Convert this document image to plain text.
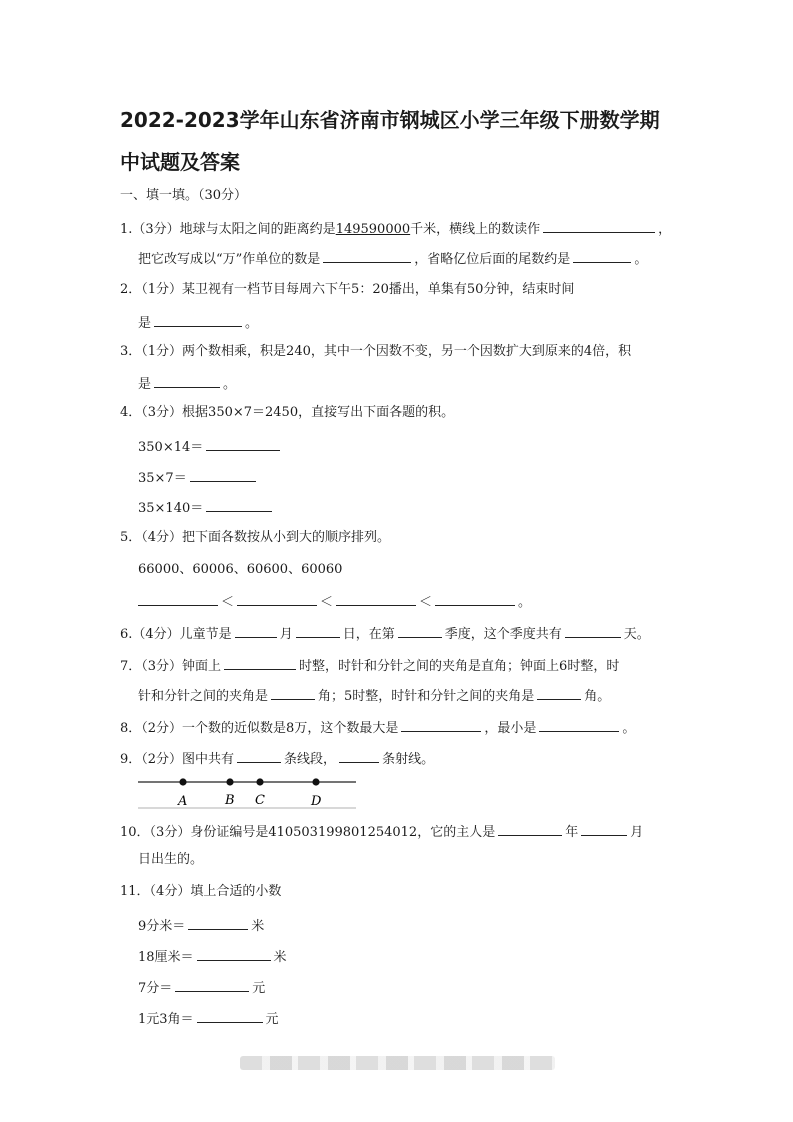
2022-2023学年山东省济南市钢城区小学三年级下册数学期
中试题及答案
一、填一填。（30分）
1.（3分）地球与太阳之间的距离约是149590000千米，横线上的数读作	，
把它改写成以“万”作单位的数是	，省略亿位后面的尾数约是	。
2．（1分）某卫视有一档节目每周六下午5：20播出，单集有50分钟，结束时间
是	。
3．（1分）两个数相乘，积是240，其中一个因数不变，另一个因数扩大到原来的4倍，积
是	。
4．（3分）根据350×7＝2450，直接写出下面各题的积。
350×14＝
35×7＝
35×140＝
5．（4分）把下面各数按从小到大的顺序排列。
66000、60006、60600、60060
＜	＜	＜	。
6.（4分）儿童节是	月	日，在第	季度，这个季度共有	天。
7．（3分）钟面上	时整，时针和分针之间的夹角是直角；钟面上6时整，时
针和分针之间的夹角是	角；5时整，时针和分针之间的夹角是	角。
8．（2分）一个数的近似数是8万，这个数最大是	，最小是	。
9．（2分）图中共有	条线段，	条射线。
A	B C	D
10．（3分）身份证编号是410503199801254012，它的主人是	年	月
日出生的。
11．（4分）填上合适的小数
9分米＝	米
18厘米＝	米
7分＝	元
1元3角＝	元
